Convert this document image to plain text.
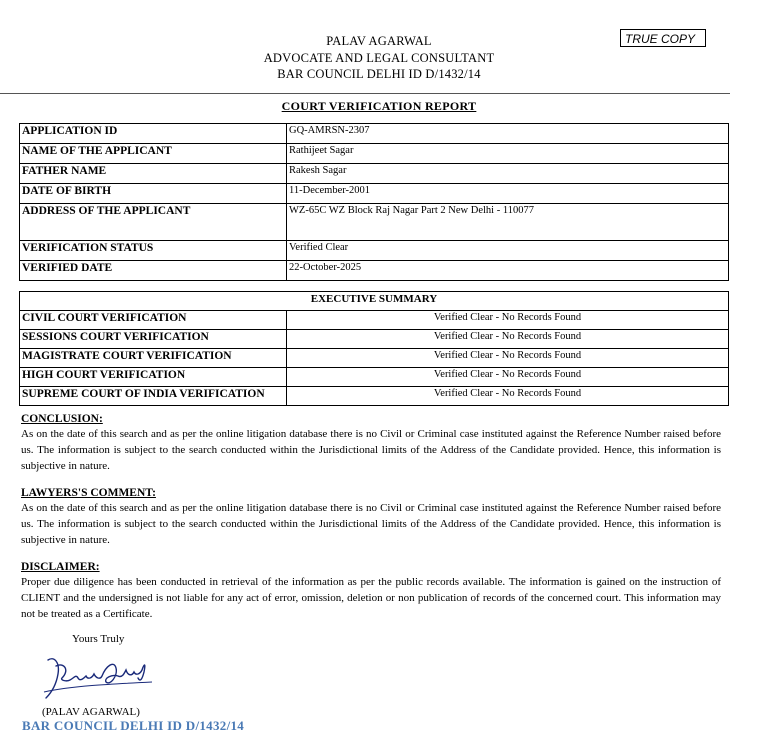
TRUE COPY
PALAV AGARWAL
ADVOCATE AND LEGAL CONSULTANT
BAR COUNCIL DELHI ID D/1432/14
COURT VERIFICATION REPORT
APPLICATION ID	GQ-AMRSN-2307
NAME OF THE APPLICANT	Rathijeet Sagar
FATHER NAME	Rakesh Sagar
DATE OF BIRTH	11-December-2001
ADDRESS OF THE APPLICANT	WZ-65C WZ Block Raj Nagar Part 2 New Delhi - 110077
VERIFICATION STATUS	Verified Clear
VERIFIED DATE	22-October-2025
EXECUTIVE SUMMARY	
CIVIL COURT VERIFICATION	Verified Clear - No Records Found
SESSIONS COURT VERIFICATION	Verified Clear - No Records Found
MAGISTRATE COURT VERIFICATION	Verified Clear - No Records Found
HIGH COURT VERIFICATION	Verified Clear - No Records Found
SUPREME COURT OF INDIA VERIFICATION	Verified Clear - No Records Found
CONCLUSION:
As on the date of this search and as per the online litigation database there is no Civil or Criminal case instituted against the Reference Number raised before us. The information is subject to the search conducted within the Jurisdictional limits of the Address of the Candidate provided. Hence, this information is subjective in nature.
LAWYERS'S COMMENT:
As on the date of this search and as per the online litigation database there is no Civil or Criminal case instituted against the Reference Number raised before us. The information is subject to the search conducted within the Jurisdictional limits of the Address of the Candidate provided. Hence, this information is subjective in nature.
DISCLAIMER:
Proper due diligence has been conducted in retrieval of the information as per the public records available. The information is gained on the instruction of CLIENT and the undersigned is not liable for any act of error, omission, deletion or non publication of records of the concerned court. This information may not be treated as a Certificate.
Yours Truly
(PALAV AGARWAL)
BAR COUNCIL DELHI ID D/1432/14
